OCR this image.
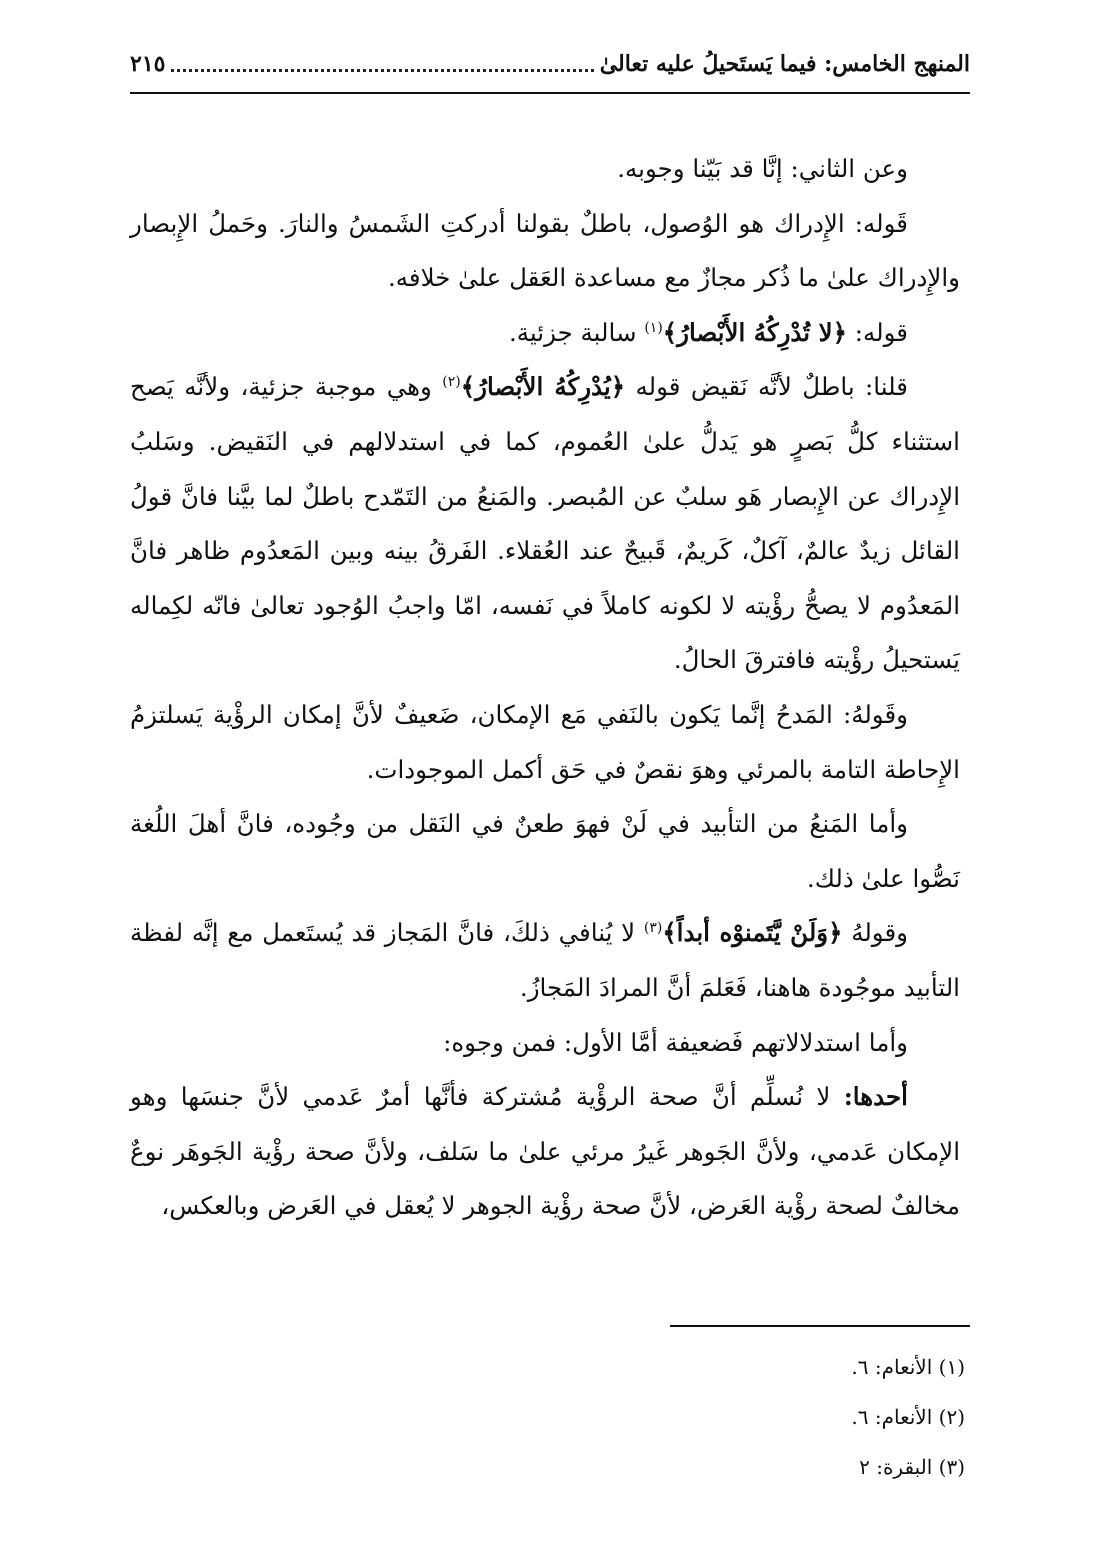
المنهج الخامس: فيما يَستَحيلُ عليه تعالىٰ
٢١٥

وعن الثاني: إنَّا قد بَيّنا وجوبه.

قَوله: الإِدراك هو الوُصول، باطلٌ بقولنا أدركتِ الشَمسُ والنارَ. وحَملُ الإِبصار والإِدراك علىٰ ما ذُكر مجازٌ مع مساعدة العَقل علىٰ خلافه.

قوله: ﴿لا تُدْرِكُهُ الأَبْصارُ﴾$^{(١)}$ سالبة جزئية.

قلنا: باطلٌ لأنَّه نَقيض قوله ﴿يُدْرِكُهُ الأَبْصارُ﴾$^{(٢)}$ وهي موجبة جزئية، ولأنَّه يَصح استثناء كلُّ بَصرٍ هو يَدلُّ علىٰ العُموم، كما في استدلالهم في النَقيض. وسَلبُ الإِدراك عن الإِبصار هَو سلبٌ عن المُبصر. والمَنعُ من التَمّدح باطلٌ لما بيَّنا فانَّ قولُ القائل زيدٌ عالمٌ، آكلٌ، كَريمٌ، قَبيحٌ عند العُقلاء. الفَرقُ بينه وبين المَعدُوم ظاهر فانَّ المَعدُوم لا يصحُّ رؤْيته لا لكونه كاملاً في نَفسه، امّا واجبُ الوُجود تعالىٰ فانّه لكِماله يَستحيلُ رؤْيته فافترقَ الحالُ.

وقَولهُ: المَدحُ إنَّما يَكون بالنَفي مَع الإمكان، ضَعيفٌ لأنَّ إمكان الرؤْية يَسلتزمُ الإِحاطة التامة بالمرئي وهوَ نقصٌ في حَق أكمل الموجودات.

وأما المَنعُ من التأبيد في لَنْ فهوَ طعنٌ في النَقل من وجُوده، فانَّ أهلَ اللُغة نَصُّوا علىٰ ذلك.

وقولهُ ﴿وَلَنْ يَّتَمنوْه أبداً﴾$^{(٣)}$ لا يُنافي ذلكَ، فانَّ المَجاز قد يُستَعمل مع إنَّه لفظة التأبيد موجُودة هاهنا، فَعَلمَ أنَّ المرادَ المَجازُ.

وأما استدلالاتهم فَضعيفة أمَّا الأول: فمن وجوه:

أحدها: لا نُسلِّم أنَّ صحة الرؤْية مُشتركة فأنَّها أمرٌ عَدمي لأنَّ جنسَها وهو الإمكان عَدمي، ولأنَّ الجَوهر غَيرُ مرئي علىٰ ما سَلف، ولأنَّ صحة رؤْية الجَوهَر نوعٌ مخالفٌ لصحة رؤْية العَرض، لأنَّ صحة رؤْية الجوهر لا يُعقل في العَرض وبالعكس،

(١) الأنعام: ٦.
(٢) الأنعام: ٦.
(٣) البقرة: ٢
